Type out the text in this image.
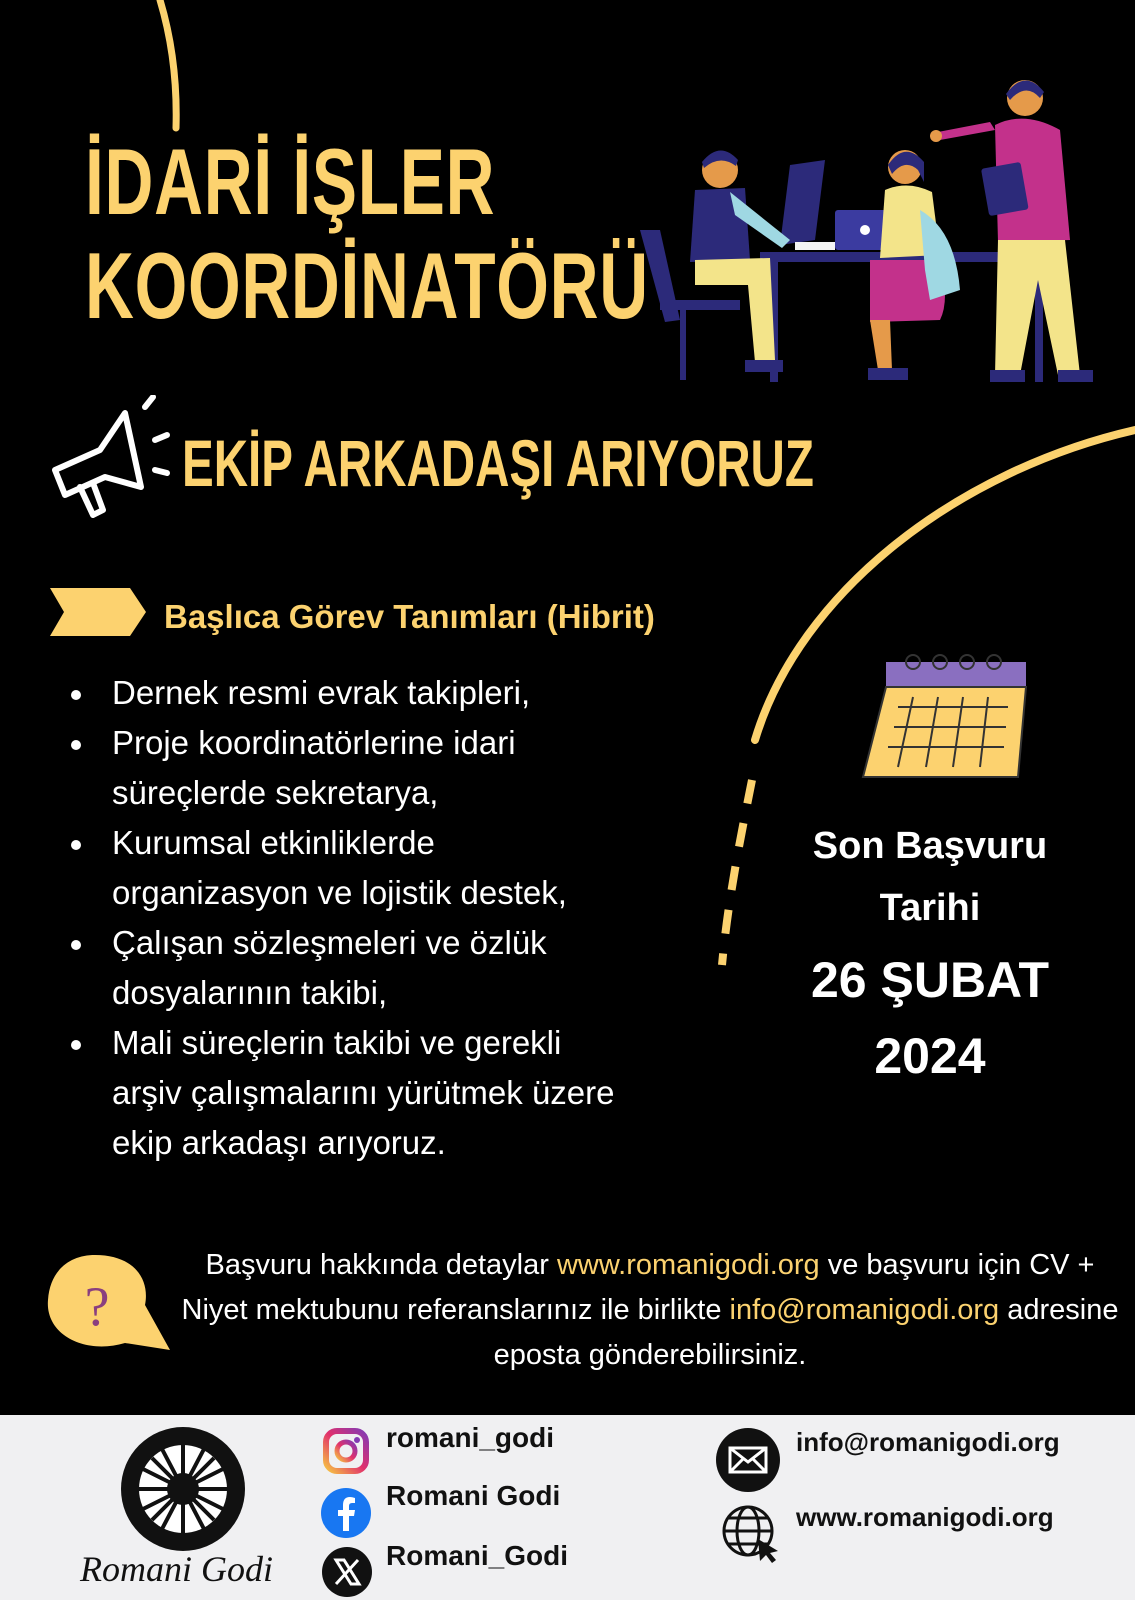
İDARİ İŞLER
KOORDİNATÖRÜ
EKİP ARKADAŞI ARIYORUZ
Başlıca Görev Tanımları (Hibrit)
Dernek resmi evrak takipleri,
Proje koordinatörlerine idari süreçlerde sekretarya,
Kurumsal etkinliklerde organizasyon ve lojistik destek,
Çalışan sözleşmeleri ve özlük dosyalarının takibi,
Mali süreçlerin takibi ve gerekli arşiv çalışmalarını yürütmek üzere ekip arkadaşı arıyoruz.
Son Başvuru
Tarihi
26 ŞUBAT
2024
?
Başvuru hakkında detaylar www.romanigodi.org ve başvuru için CV + Niyet mektubunu referanslarınız ile birlikte info@romanigodi.org adresine eposta gönderebilirsiniz.
Romani Godi
romani_godi
Romani Godi
Romani_Godi
info@romanigodi.org
www.romanigodi.org
